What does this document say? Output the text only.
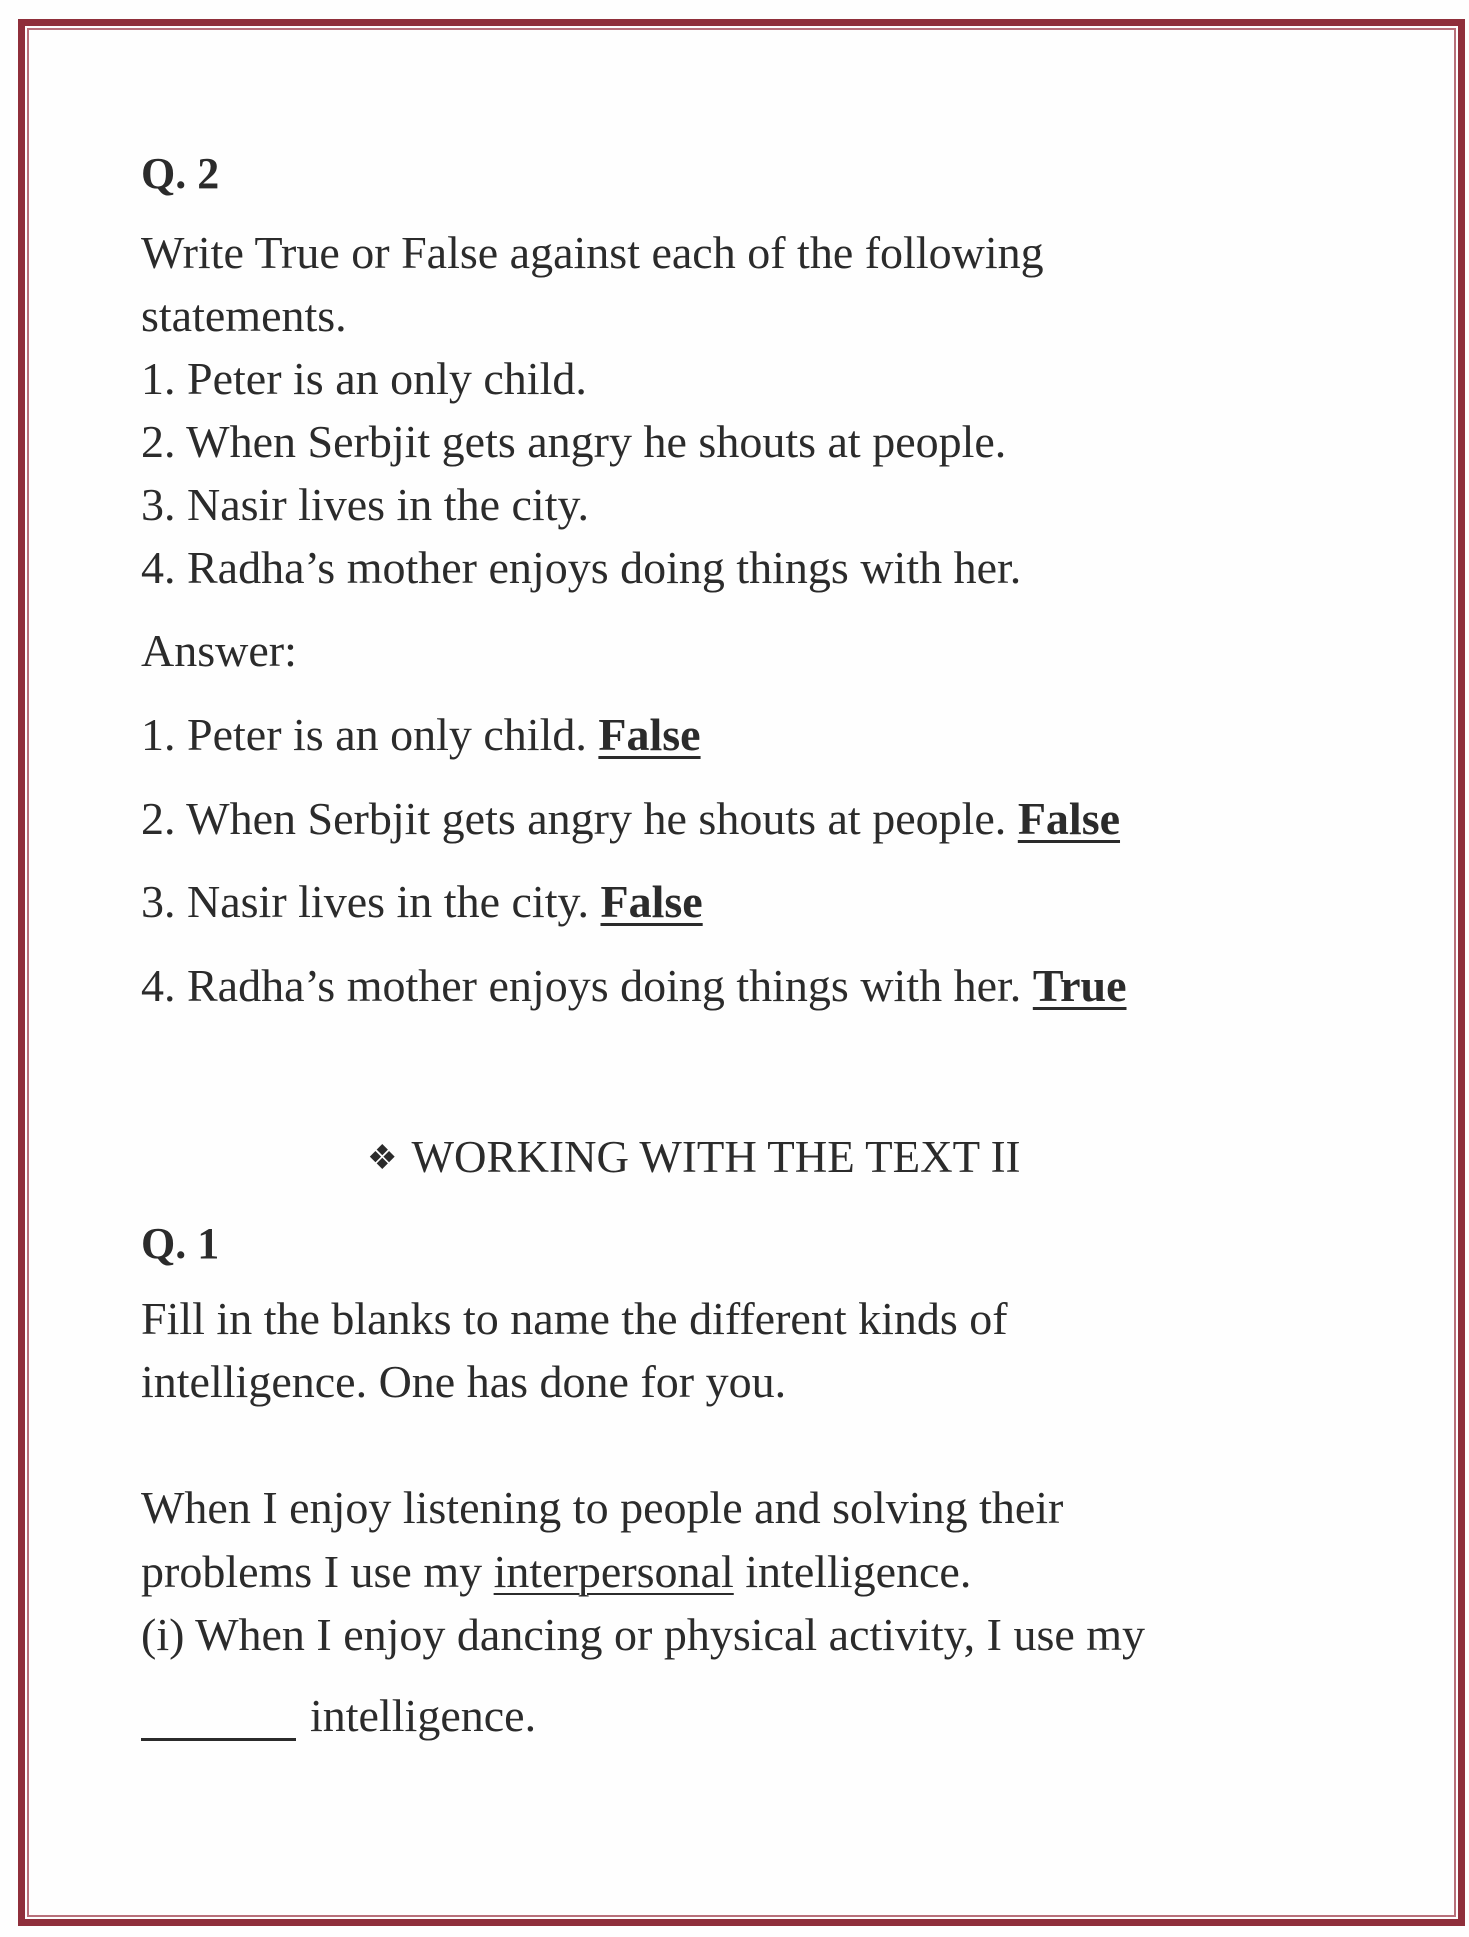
Q. 2
Write True or False against each of the following
statements.
1. Peter is an only child.
2. When Serbjit gets angry he shouts at people.
3. Nasir lives in the city.
4. Radha’s mother enjoys doing things with her.
Answer:
1. Peter is an only child. False
2. When Serbjit gets angry he shouts at people. False
3. Nasir lives in the city. False
4. Radha’s mother enjoys doing things with her. True
❖ WORKING WITH THE TEXT II
Q. 1
Fill in the blanks to name the different kinds of
intelligence. One has done for you.
When I enjoy listening to people and solving their
problems I use my interpersonal intelligence.
(i) When I enjoy dancing or physical activity, I use my
intelligence.
